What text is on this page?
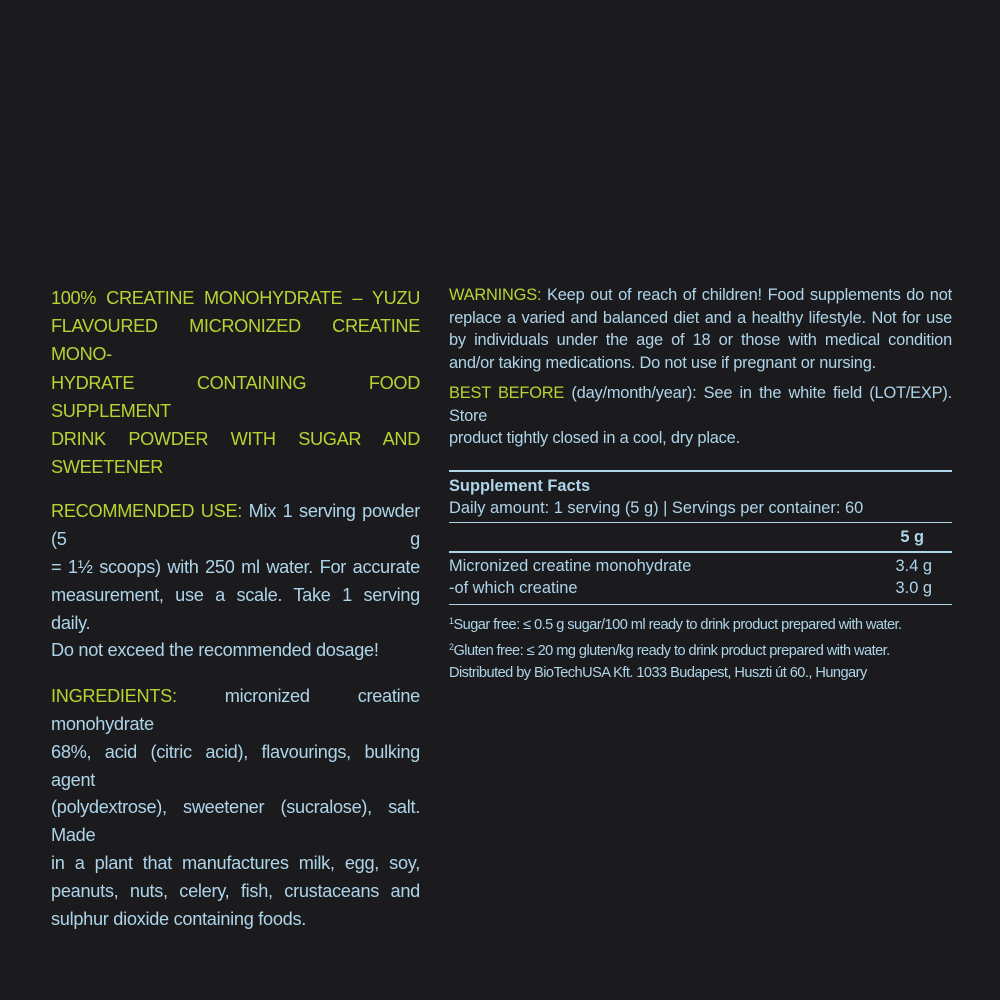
100% CREATINE MONOHYDRATE – YUZU
FLAVOURED MICRONIZED CREATINE MONO-
HYDRATE CONTAINING FOOD SUPPLEMENT
DRINK POWDER WITH SUGAR AND SWEETENER
RECOMMENDED USE: Mix 1 serving powder (5 g
= 1½ scoops) with 250 ml water. For accurate
measurement, use a scale. Take 1 serving daily.
Do not exceed the recommended dosage!
INGREDIENTS: micronized creatine monohydrate
68%, acid (citric acid), flavourings, bulking agent
(polydextrose), sweetener (sucralose), salt. Made
in a plant that manufactures milk, egg, soy,
peanuts, nuts, celery, fish, crustaceans and
sulphur dioxide containing foods.
WARNINGS: Keep out of reach of children! Food supplements do not
replace a varied and balanced diet and a healthy lifestyle. Not for use
by individuals under the age of 18 or those with medical condition
and/or taking medications. Do not use if pregnant or nursing.
BEST BEFORE (day/month/year): See in the white field (LOT/EXP). Store
product tightly closed in a cool, dry place.
Supplement Facts
Daily amount: 1 serving (5 g) | Servings per container: 60
5 g
Micronized creatine monohydrate	3.4 g
-of which creatine	3.0 g
$^1$Sugar free: ≤ 0.5 g sugar/100 ml ready to drink product prepared with water.
$^2$Gluten free: ≤ 20 mg gluten/kg ready to drink product prepared with water.
Distributed by BioTechUSA Kft. 1033 Budapest, Huszti út 60., Hungary
